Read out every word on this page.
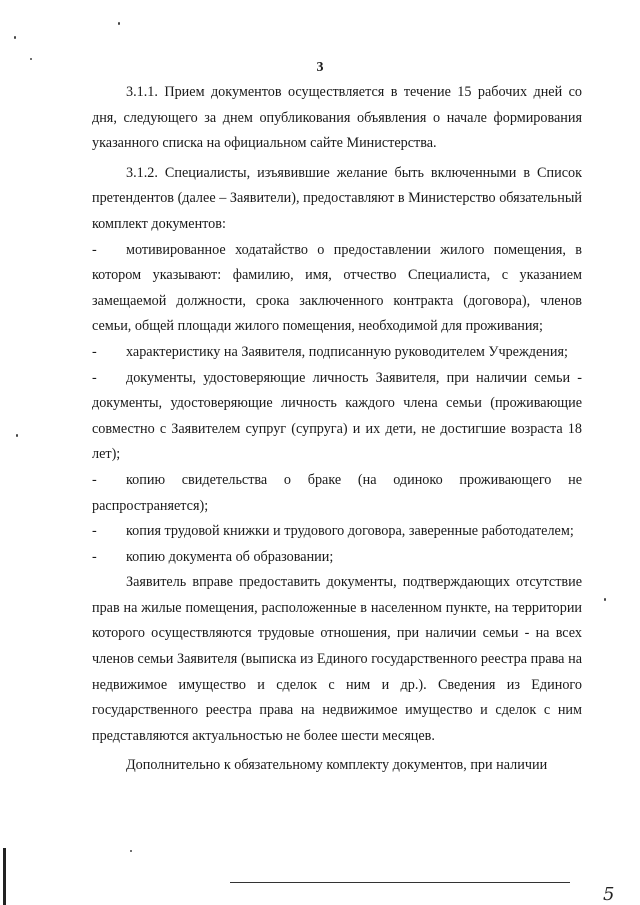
3

3.1.1. Прием документов осуществляется в течение 15 рабочих дней со дня, следующего за днем опубликования объявления о начале формирования указанного списка на официальном сайте Министерства.

3.1.2. Специалисты, изъявившие желание быть включенными в Список претендентов (далее – Заявители), предоставляют в Министерство обязательный комплект документов:

- мотивированное ходатайство о предоставлении жилого помещения, в котором указывают: фамилию, имя, отчество Специалиста, с указанием замещаемой должности, срока заключенного контракта (договора), членов семьи, общей площади жилого помещения, необходимой для проживания;

- характеристику на Заявителя, подписанную руководителем Учреждения;

- документы, удостоверяющие личность Заявителя, при наличии семьи - документы, удостоверяющие личность каждого члена семьи (проживающие совместно с Заявителем супруг (супруга) и их дети, не достигшие возраста 18 лет);

- копию свидетельства о браке (на одиноко проживающего не распространяется);

- копия трудовой книжки и трудового договора, заверенные работодателем;

- копию документа об образовании;

Заявитель вправе предоставить документы, подтверждающих отсутствие прав на жилые помещения, расположенные в населенном пункте, на территории которого осуществляются трудовые отношения, при наличии семьи - на всех членов семьи Заявителя (выписка из Единого государственного реестра права на недвижимое имущество и сделок с ним и др.). Сведения из Единого государственного реестра права на недвижимое имущество и сделок с ним представляются актуальностью не более шести месяцев.

Дополнительно к обязательному комплекту документов, при наличии

5
